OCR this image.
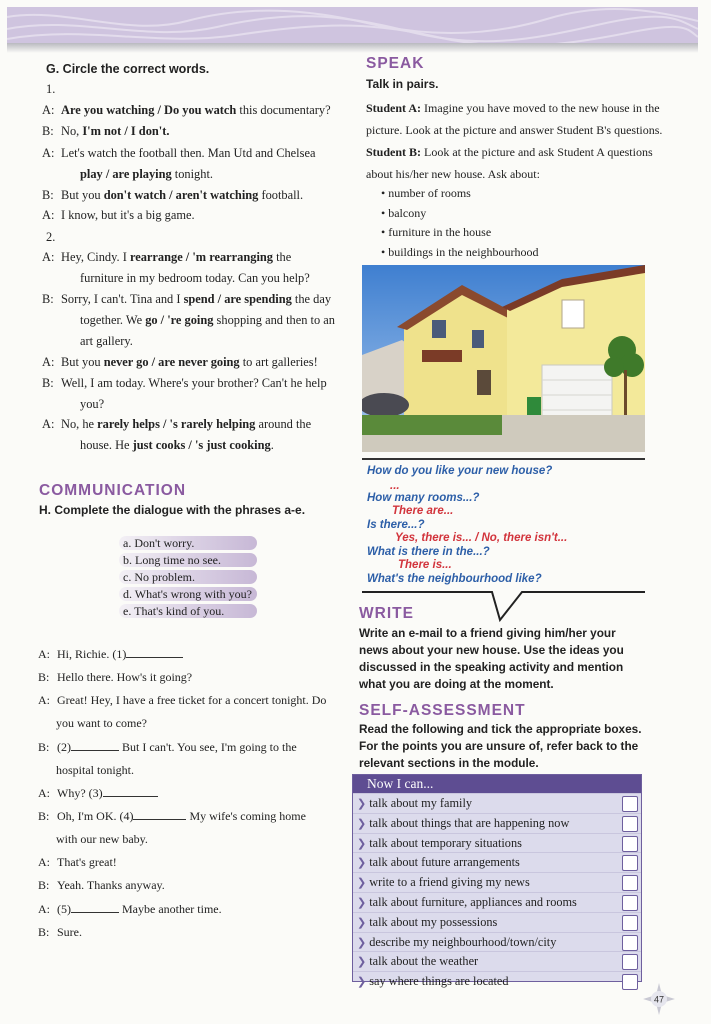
G. Circle the correct words.
1.
A: Are you watching / Do you watch this documentary?
B: No, I'm not / I don't.
A: Let's watch the football then. Man Utd and Chelsea
play / are playing tonight.
B: But you don't watch / aren't watching football.
A: I know, but it's a big game.
2.
A: Hey, Cindy. I rearrange / 'm rearranging the
furniture in my bedroom today. Can you help?
B: Sorry, I can't. Tina and I spend / are spending the day
together. We go / 're going shopping and then to an
art gallery.
A: But you never go / are never going to art galleries!
B: Well, I am today. Where's your brother? Can't he help
you?
A: No, he rarely helps / 's rarely helping around the
house. He just cooks / 's just cooking.
COMMUNICATION
H. Complete the dialogue with the phrases a-e.
a. Don't worry.
b. Long time no see.
c. No problem.
d. What's wrong with you?
e. That's kind of you.
A: Hi, Richie. (1)
B: Hello there. How's it going?
A: Great! Hey, I have a free ticket for a concert tonight. Do
you want to come?
B: (2)	But I can't. You see, I'm going to the
hospital tonight.
A: Why? (3)
B: Oh, I'm OK. (4)	My wife's coming home
with our new baby.
A: That's great!
B: Yeah. Thanks anyway.
A: (5)	Maybe another time.
B: Sure.
SPEAK
Talk in pairs.
Student A: Imagine you have moved to the new house in the
picture. Look at the picture and answer Student B's questions.
Student B: Look at the picture and ask Student A questions
about his/her new house. Ask about:
• number of rooms
• balcony
• furniture in the house
• buildings in the neighbourhood
How do you like your new house?
...
How many rooms...?
There are...
Is there...?
Yes, there is... / No, there isn't...
What is there in the...?
There is...
What's the neighbourhood like?
WRITE
Write an e-mail to a friend giving him/her your
news about your new house. Use the ideas you
discussed in the speaking activity and mention
what you are doing at the moment.
SELF-ASSESSMENT
Read the following and tick the appropriate boxes.
For the points you are unsure of, refer back to the
relevant sections in the module.
Now I can...
❯ talk about my family
❯ talk about things that are happening now
❯ talk about temporary situations
❯ talk about future arrangements
❯ write to a friend giving my news
❯ talk about furniture, appliances and rooms
❯ talk about my possessions
❯ describe my neighbourhood/town/city
❯ talk about the weather
❯ say where things are located
47
